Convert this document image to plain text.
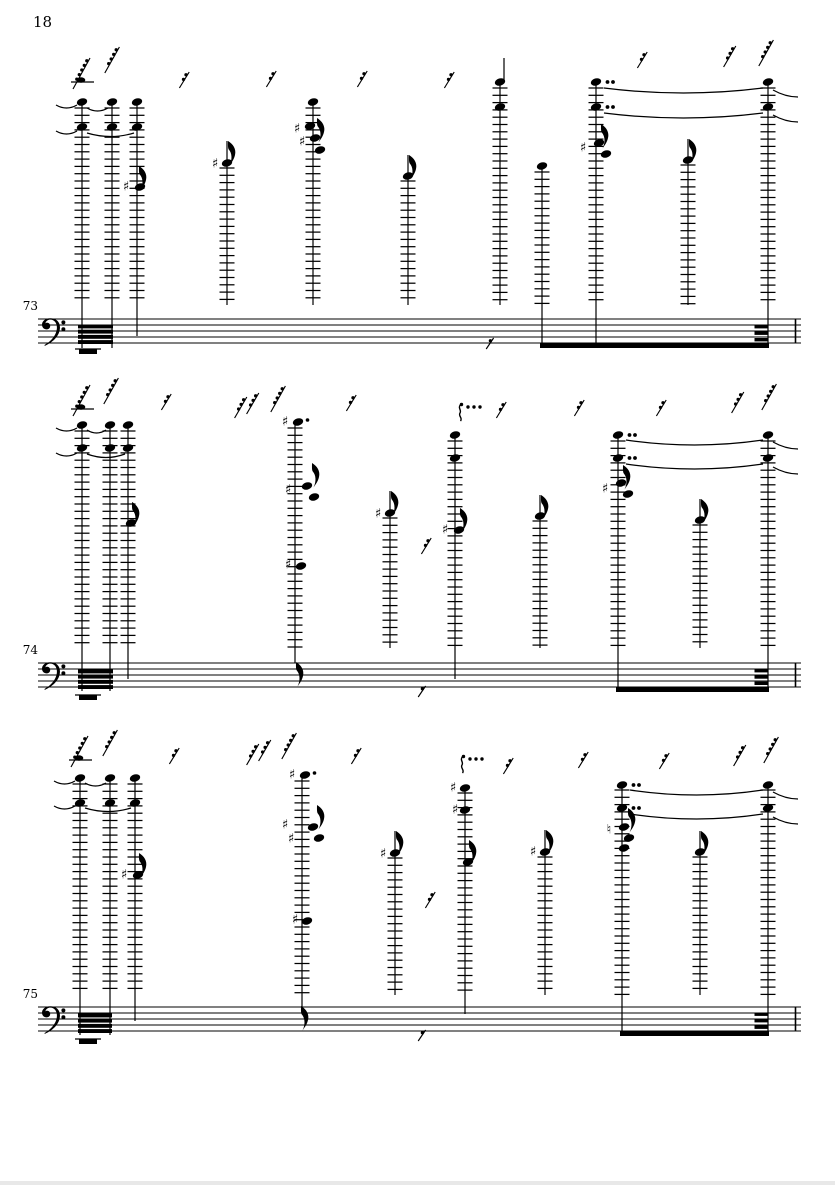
18
73
♯
♯
♯
♯	♯
74
♯
♯
♯
♯
♯
♯
75
♯
♯
♯
♯
♯
♯
♯
♯
♯
♮
